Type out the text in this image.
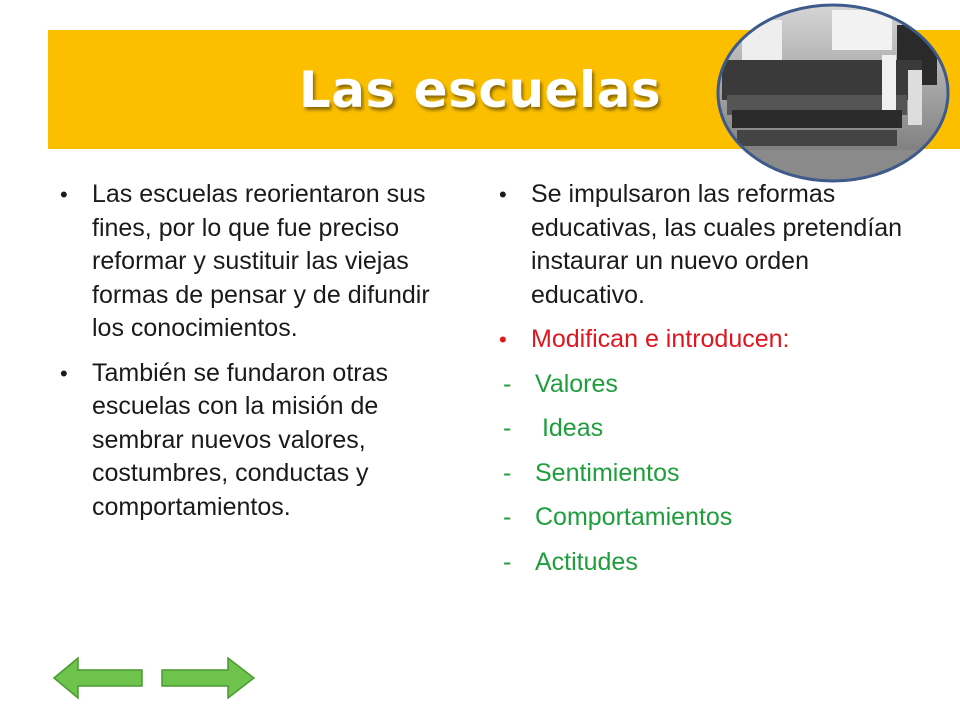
Las escuelas
• Las escuelas reorientaron sus fines, por lo que fue preciso reformar y sustituir las viejas formas de pensar y de difundir los conocimientos.
• También se fundaron otras escuelas con la misión de sembrar nuevos valores, costumbres, conductas y comportamientos.
• Se impulsaron las reformas educativas, las cuales pretendían instaurar un nuevo orden educativo.
• Modifican e introducen:
- Valores
- Ideas
- Sentimientos
- Comportamientos
- Actitudes
